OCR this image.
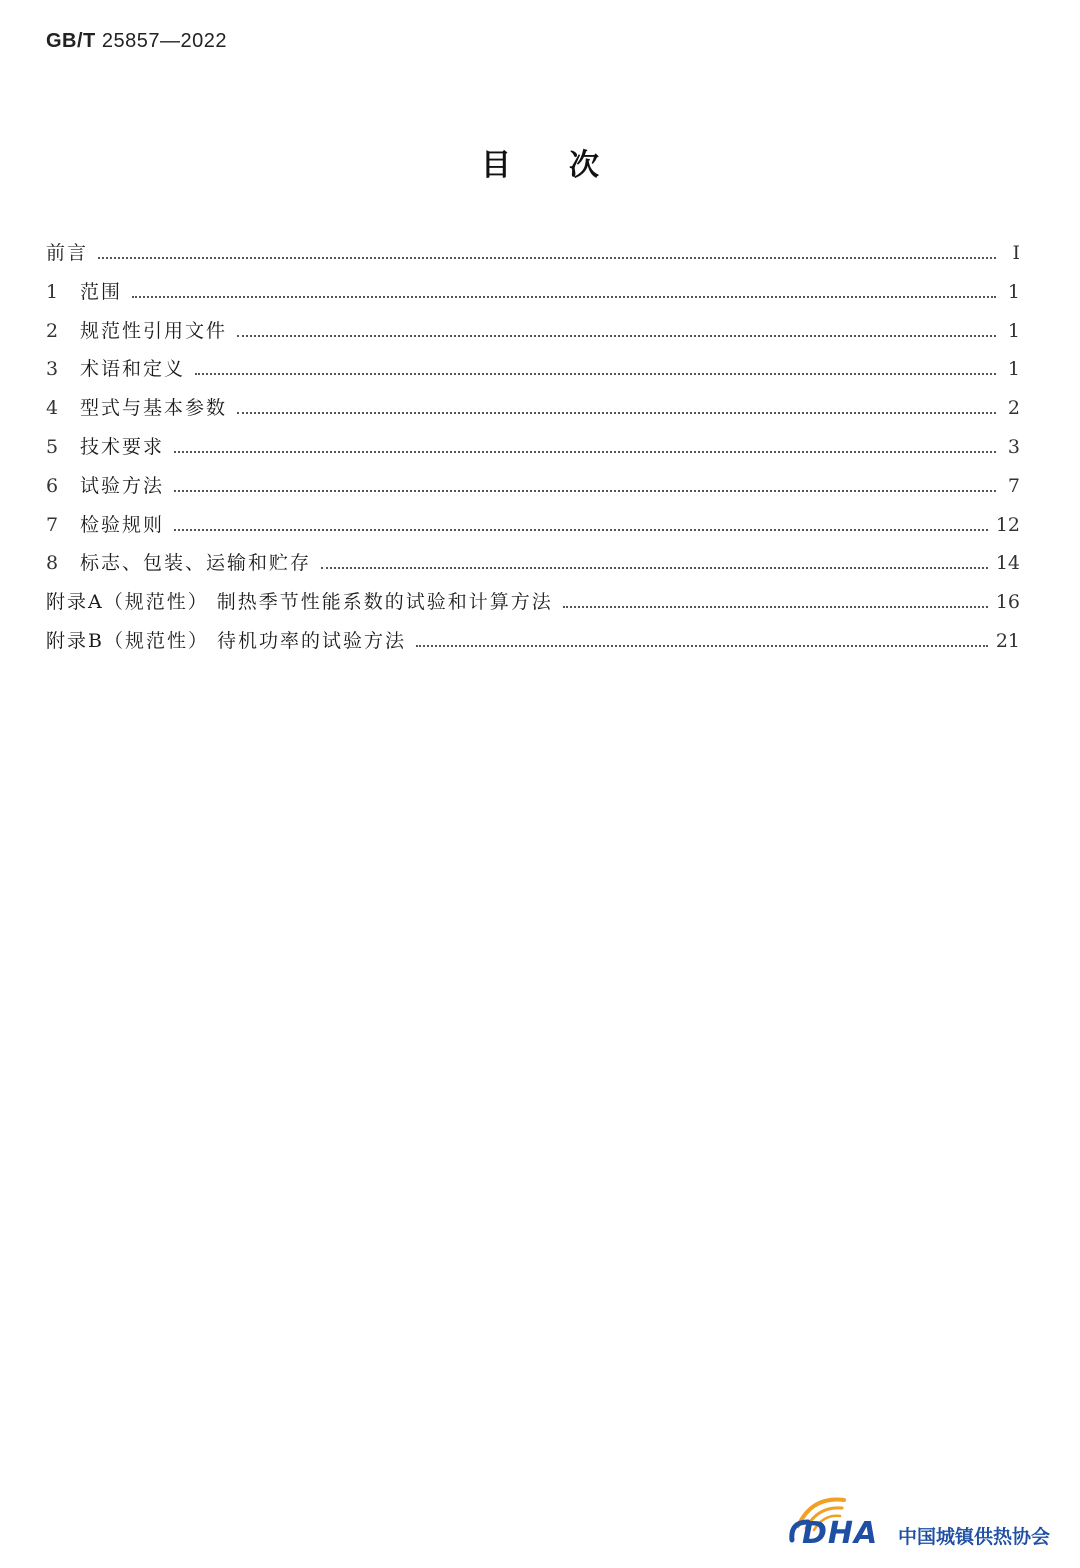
GB/T 25857—2022
目次
前言	Ⅰ
1	范围	1
2	规范性引用文件	1
3	术语和定义	1
4	型式与基本参数	2
5	技术要求	3
6	试验方法	7
7	检验规则	12
8	标志、包装、运输和贮存	14
附录A（规范性） 制热季节性能系数的试验和计算方法	16
附录B（规范性） 待机功率的试验方法	21
DHA 中国城镇供热协会
